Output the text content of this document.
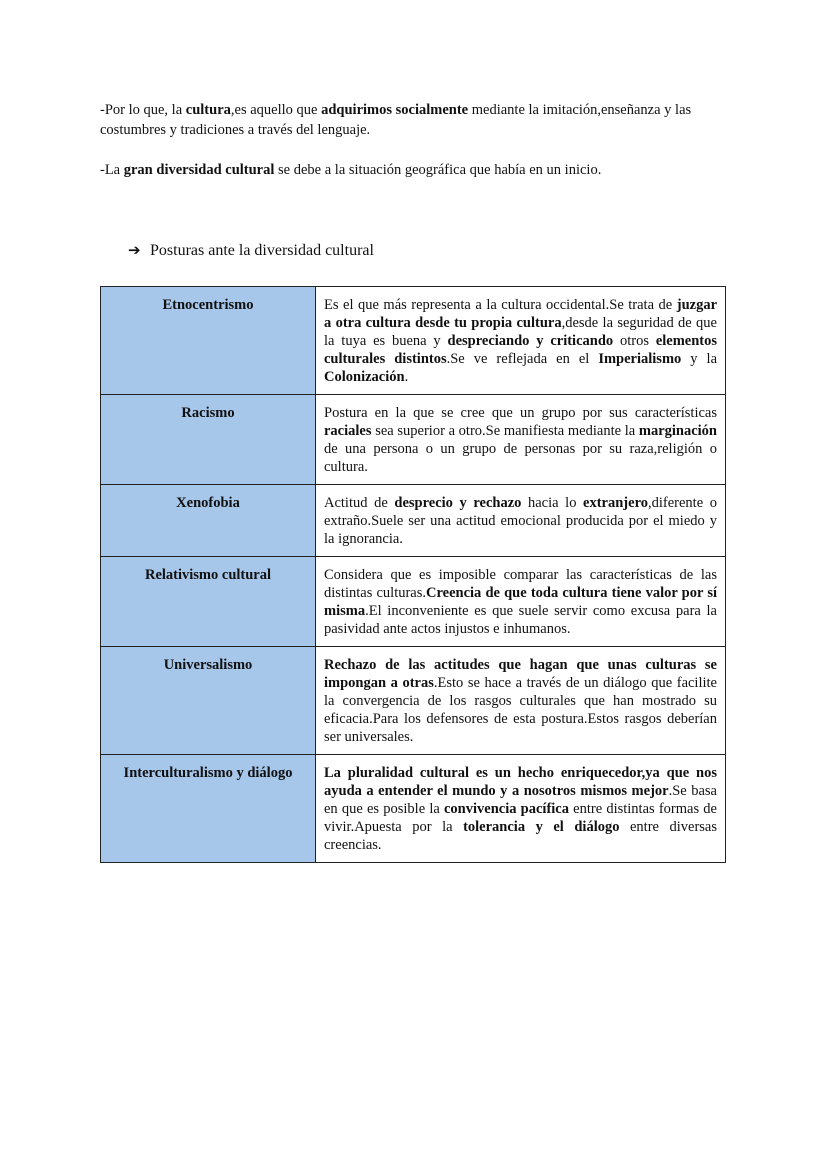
-Por lo que, la cultura,es aquello que adquirimos socialmente mediante la imitación,enseñanza y las costumbres y tradiciones a través del lenguaje.

-La gran diversidad cultural se debe a la situación geográfica que había en un inicio.

➔ Posturas ante la diversidad cultural
Etnocentrismo	Es el que más representa a la cultura occidental.Se trata de juzgar a otra cultura desde tu propia cultura,desde la seguridad de que la tuya es buena y despreciando y criticando otros elementos culturales distintos.Se ve reflejada en el Imperialismo y la Colonización.
Racismo	Postura en la que se cree que un grupo por sus características raciales sea superior a otro.Se manifiesta mediante la marginación de una persona o un grupo de personas por su raza,religión o cultura.
Xenofobia	Actitud de desprecio y rechazo hacia lo extranjero,diferente o extraño.Suele ser una actitud emocional producida por el miedo y la ignorancia.
Relativismo cultural	Considera que es imposible comparar las características de las distintas culturas.Creencia de que toda cultura tiene valor por sí misma.El inconveniente es que suele servir como excusa para la pasividad ante actos injustos e inhumanos.
Universalismo	Rechazo de las actitudes que hagan que unas culturas se impongan a otras.Esto se hace a través de un diálogo que facilite la convergencia de los rasgos culturales que han mostrado su eficacia.Para los defensores de esta postura.Estos rasgos deberían ser universales.
Interculturalismo y diálogo	La pluralidad cultural es un hecho enriquecedor,ya que nos ayuda a entender el mundo y a nosotros mismos mejor.Se basa en que es posible la convivencia pacífica entre distintas formas de vivir.Apuesta por la tolerancia y el diálogo entre diversas creencias.
